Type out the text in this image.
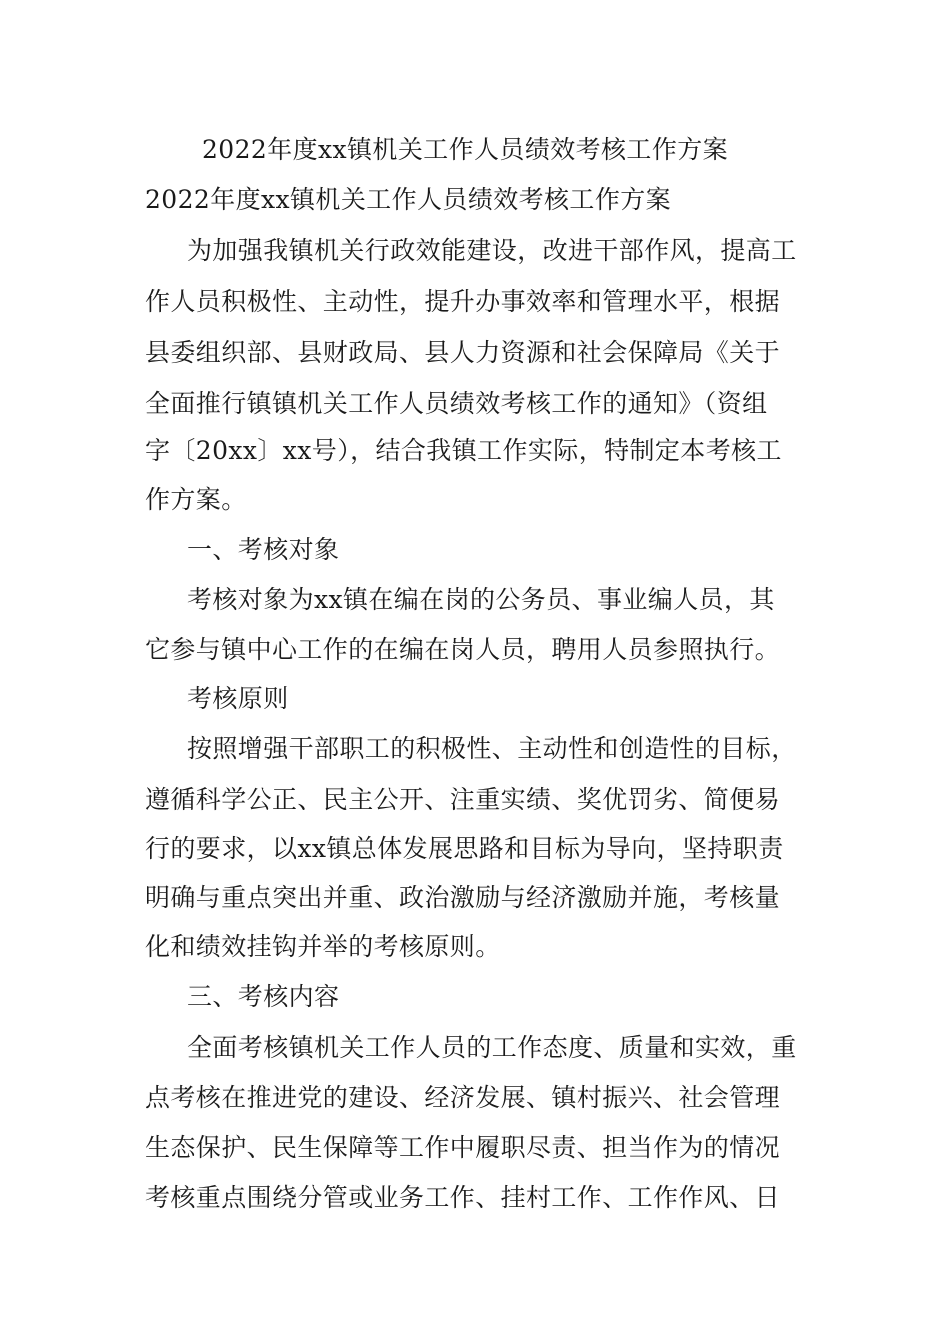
2022年度xx镇机关工作人员绩效考核工作方案
2022年度xx镇机关工作人员绩效考核工作方案
为加强我镇机关行政效能建设，改进干部作风，提高工
作人员积极性、主动性，提升办事效率和管理水平，根据
县委组织部、县财政局、县人力资源和社会保障局《关于
全面推行镇镇机关工作人员绩效考核工作的通知》（资组
字〔20xx〕xx号），结合我镇工作实际，特制定本考核工
作方案。
一、考核对象
考核对象为xx镇在编在岗的公务员、事业编人员，其
它参与镇中心工作的在编在岗人员，聘用人员参照执行。
考核原则
按照增强干部职工的积极性、主动性和创造性的目标，
遵循科学公正、民主公开、注重实绩、奖优罚劣、简便易
行的要求，以xx镇总体发展思路和目标为导向，坚持职责
明确与重点突出并重、政治激励与经济激励并施，考核量
化和绩效挂钩并举的考核原则。
三、考核内容
全面考核镇机关工作人员的工作态度、质量和实效，重
点考核在推进党的建设、经济发展、镇村振兴、社会管理
生态保护、民生保障等工作中履职尽责、担当作为的情况
考核重点围绕分管或业务工作、挂村工作、工作作风、日
